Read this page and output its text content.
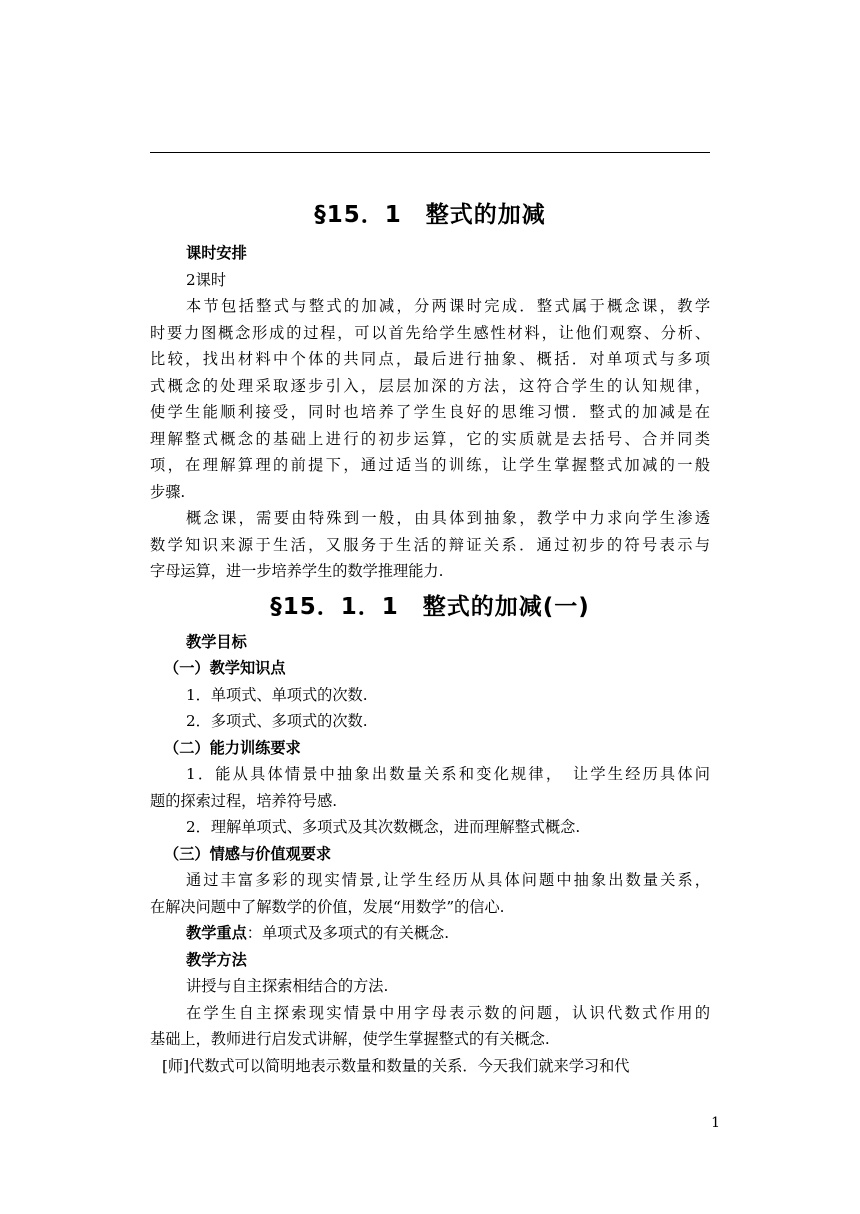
§15．1　整式的加减

课时安排

2课时

本节包括整式与整式的加减，分两课时完成．整式属于概念课，教学

时要力图概念形成的过程，可以首先给学生感性材料，让他们观察、分析、

比较，找出材料中个体的共同点，最后进行抽象、概括．对单项式与多项

式概念的处理采取逐步引入，层层加深的方法，这符合学生的认知规律，

使学生能顺利接受，同时也培养了学生良好的思维习惯．整式的加减是在

理解整式概念的基础上进行的初步运算，它的实质就是去括号、合并同类

项，在理解算理的前提下，通过适当的训练，让学生掌握整式加减的一般

步骤.

概念课，需要由特殊到一般，由具体到抽象，教学中力求向学生渗透

数学知识来源于生活，又服务于生活的辩证关系．通过初步的符号表示与

字母运算，进一步培养学生的数学推理能力.

§15．1．1　整式的加减(一)

教学目标

（一）教学知识点

1．单项式、单项式的次数.

2．多项式、多项式的次数.

（二）能力训练要求

1．能从具体情景中抽象出数量关系和变化规律，　让学生经历具体问

题的探索过程，培养符号感.

2．理解单项式、多项式及其次数概念，进而理解整式概念.

（三）情感与价值观要求

通过丰富多彩的现实情景,让学生经历从具体问题中抽象出数量关系，

在解决问题中了解数学的价值，发展“用数学”的信心.

教学重点：单项式及多项式的有关概念.

教学方法

讲授与自主探索相结合的方法.

在学生自主探索现实情景中用字母表示数的问题，认识代数式作用的

基础上，教师进行启发式讲解，使学生掌握整式的有关概念.

[师]代数式可以简明地表示数量和数量的关系．今天我们就来学习和代

1
